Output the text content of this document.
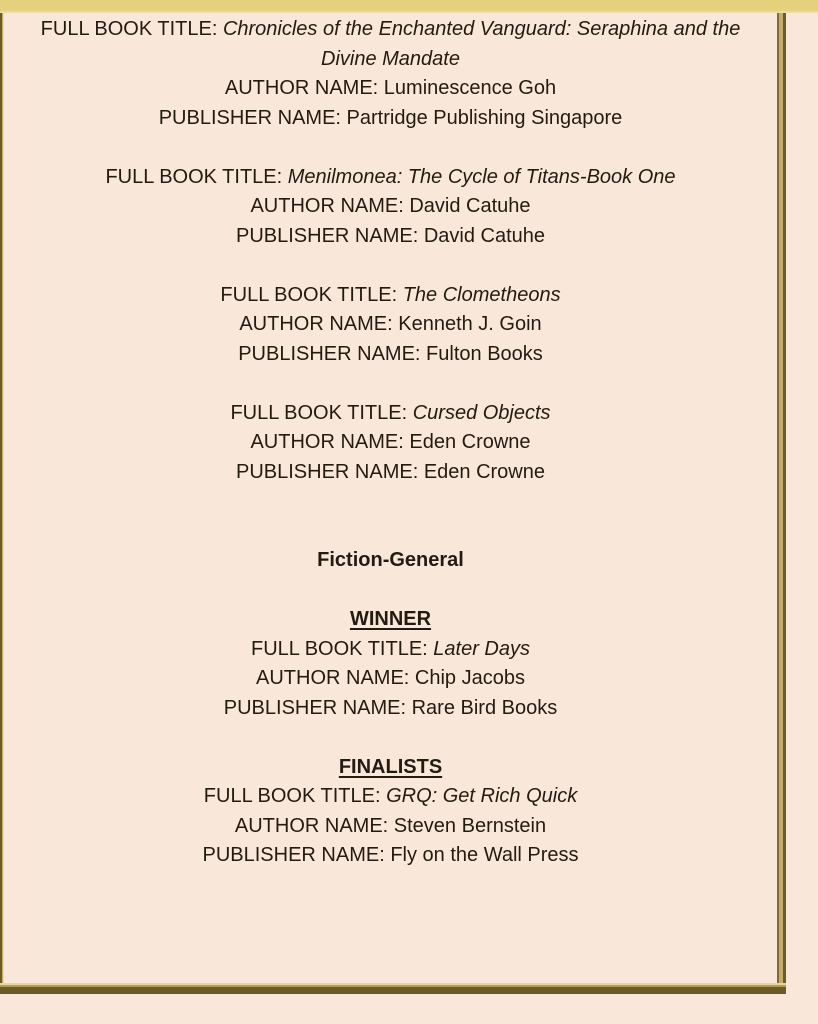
FULL BOOK TITLE: Chronicles of the Enchanted Vanguard: Seraphina and the Divine Mandate
AUTHOR NAME: Luminescence Goh
PUBLISHER NAME: Partridge Publishing Singapore
FULL BOOK TITLE: Menilmonea: The Cycle of Titans-Book One
AUTHOR NAME: David Catuhe
PUBLISHER NAME: David Catuhe
FULL BOOK TITLE: The Clometheons
AUTHOR NAME: Kenneth J. Goin
PUBLISHER NAME: Fulton Books
FULL BOOK TITLE: Cursed Objects
AUTHOR NAME: Eden Crowne
PUBLISHER NAME: Eden Crowne
Fiction-General
WINNER
FULL BOOK TITLE: Later Days
AUTHOR NAME: Chip Jacobs
PUBLISHER NAME: Rare Bird Books
FINALISTS
FULL BOOK TITLE: GRQ: Get Rich Quick
AUTHOR NAME: Steven Bernstein
PUBLISHER NAME: Fly on the Wall Press
